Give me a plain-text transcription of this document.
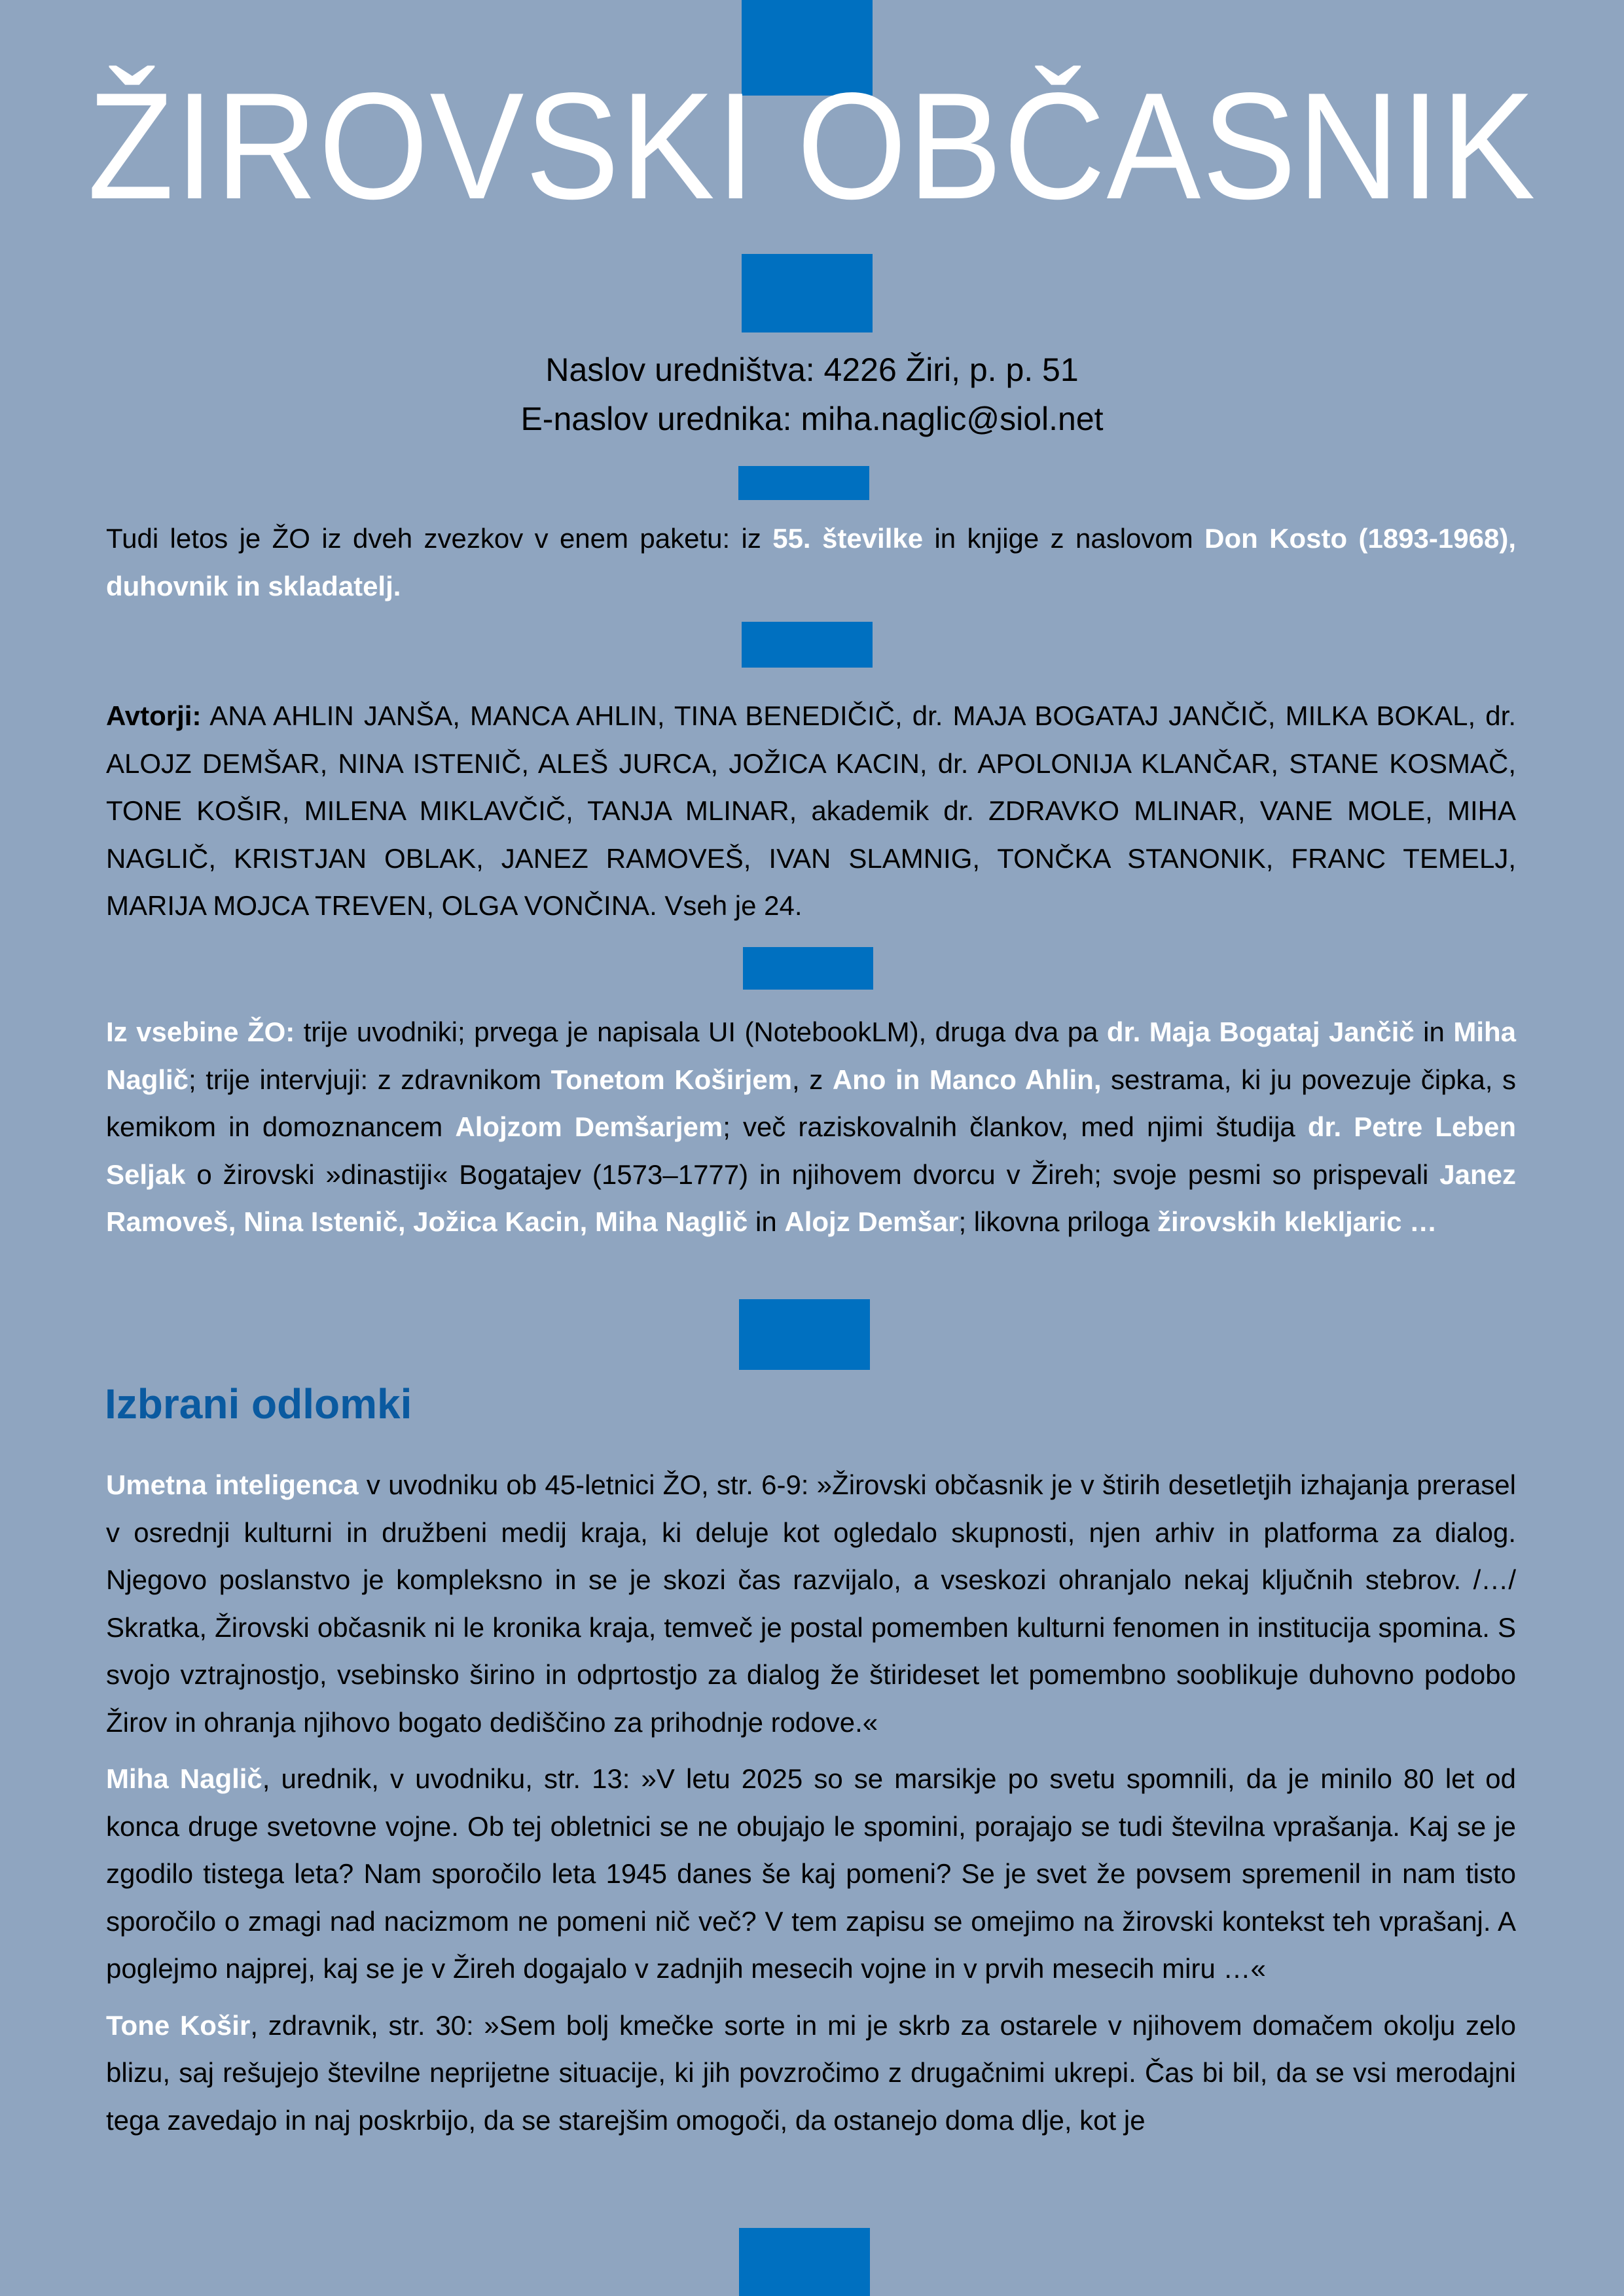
ŽIROVSKI OBČASNIK
Naslov uredništva: 4226 Žiri, p. p. 51
E-naslov urednika: miha.naglic@siol.net
Tudi letos je ŽO iz dveh zvezkov v enem paketu: iz 55. številke in knjige z naslovom Don Kosto (1893-1968), duhovnik in skladatelj.
Avtorji: ANA AHLIN JANŠA, MANCA AHLIN, TINA BENEDIČIČ, dr. MAJA BOGATAJ JANČIČ, MILKA BOKAL, dr. ALOJZ DEMŠAR, NINA ISTENIČ, ALEŠ JURCA, JOŽICA KACIN, dr. APOLONIJA KLANČAR, STANE KOSMAČ, TONE KOŠIR, MILENA MIKLAVČIČ, TANJA MLINAR, akademik dr. ZDRAVKO MLINAR, VANE MOLE, MIHA NAGLIČ, KRISTJAN OBLAK, JANEZ RAMOVEŠ, IVAN SLAMNIG, TONČKA STANONIK, FRANC TEMELJ, MARIJA MOJCA TREVEN, OLGA VONČINA. Vseh je 24.
Iz vsebine ŽO: trije uvodniki; prvega je napisala UI (NotebookLM), druga dva pa dr. Maja Bogataj Jančič in Miha Naglič; trije intervjuji: z zdravnikom Tonetom Koširjem, z Ano in Manco Ahlin, sestrama, ki ju povezuje čipka, s kemikom in domoznancem Alojzom Demšarjem; več raziskovalnih člankov, med njimi študija dr. Petre Leben Seljak o žirovski »dinastiji« Bogatajev (1573–1777) in njihovem dvorcu v Žireh; svoje pesmi so prispevali Janez Ramoveš, Nina Istenič, Jožica Kacin, Miha Naglič in Alojz Demšar; likovna priloga žirovskih klekljaric …
Izbrani odlomki

Umetna inteligenca v uvodniku ob 45-letnici ŽO, str. 6-9: »Žirovski občasnik je v štirih desetletjih izhajanja prerasel v osrednji kulturni in družbeni medij kraja, ki deluje kot ogledalo skupnosti, njen arhiv in platforma za dialog. Njegovo poslanstvo je kompleksno in se je skozi čas razvijalo, a vseskozi ohranjalo nekaj ključnih stebrov. /…/ Skratka, Žirovski občasnik ni le kronika kraja, temveč je postal pomemben kulturni fenomen in institucija spomina. S svojo vztrajnostjo, vsebinsko širino in odprtostjo za dialog že štirideset let pomembno sooblikuje duhovno podobo Žirov in ohranja njihovo bogato dediščino za prihodnje rodove.«

Miha Naglič, urednik, v uvodniku, str. 13: »V letu 2025 so se marsikje po svetu spomnili, da je minilo 80 let od konca druge svetovne vojne. Ob tej obletnici se ne obujajo le spomini, porajajo se tudi številna vprašanja. Kaj se je zgodilo tistega leta? Nam sporočilo leta 1945 danes še kaj pomeni? Se je svet že povsem spremenil in nam tisto sporočilo o zmagi nad nacizmom ne pomeni nič več? V tem zapisu se omejimo na žirovski kontekst teh vprašanj. A poglejmo najprej, kaj se je v Žireh dogajalo v zadnjih mesecih vojne in v prvih mesecih miru …«

Tone Košir, zdravnik, str. 30: »Sem bolj kmečke sorte in mi je skrb za ostarele v njihovem domačem okolju zelo blizu, saj rešujejo številne neprijetne situacije, ki jih povzročimo z drugačnimi ukrepi. Čas bi bil, da se vsi merodajni tega zavedajo in naj poskrbijo, da se starejšim omogoči, da ostanejo doma dlje, kot je
